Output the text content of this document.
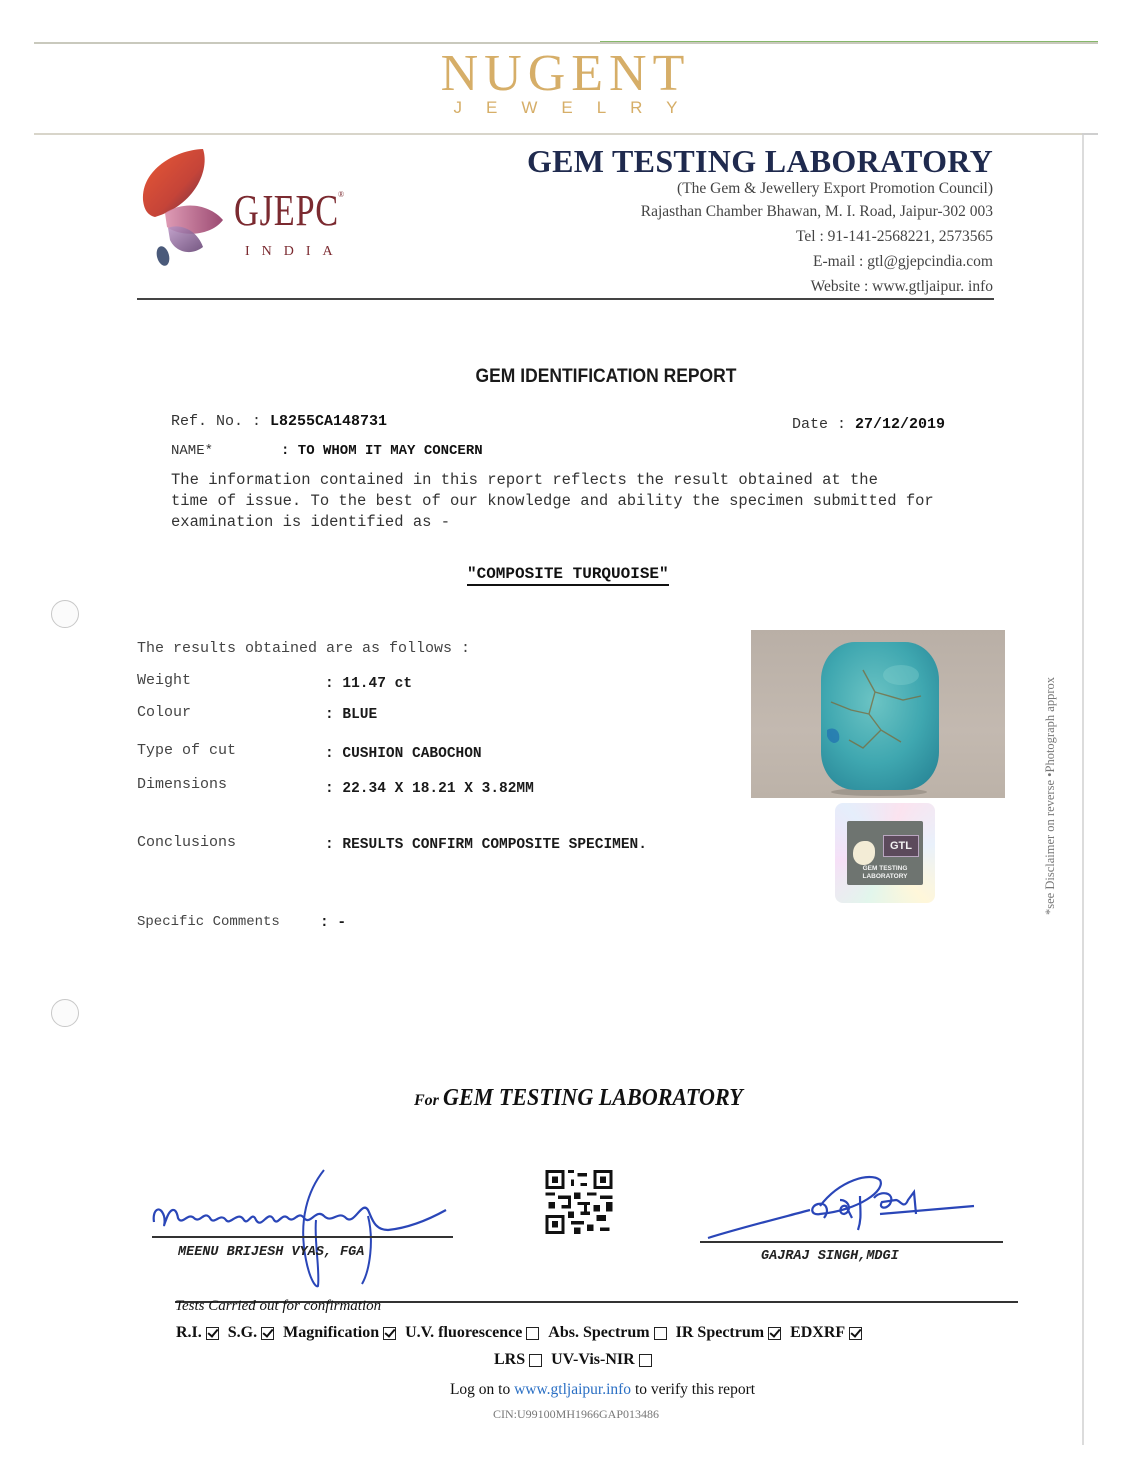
NUGENT
JEWELRY
GJEPC ®
INDIA
GEM TESTING LABORATORY
(The Gem & Jewellery Export Promotion Council)
Rajasthan Chamber Bhawan, M. I. Road, Jaipur-302 003
Tel : 91-141-2568221, 2573565
E-mail : gtl@gjepcindia.com
Website : www.gtljaipur. info
GEM IDENTIFICATION REPORT
Ref. No. : L8255CA148731	Date : 27/12/2019
NAME*	: TO WHOM IT MAY CONCERN
The information contained in this report reflects the result obtained at the
time of issue. To the best of our knowledge and ability the specimen submitted for
examination is identified as -
"COMPOSITE TURQUOISE"
The results obtained are as follows :
Weight	: 11.47 ct
Colour	: BLUE
Type of cut	: CUSHION CABOCHON
Dimensions	: 22.34 X 18.21 X 3.82MM
Conclusions	: RESULTS CONFIRM COMPOSITE SPECIMEN.
Specific Comments	: -
GTL
GEM TESTING LABORATORY	*see Disclaimer on reverse •Photograph approx
For GEM TESTING LABORATORY
MEENU BRIJESH VYAS, FGA	GAJRAJ SINGH,MDGI
Tests Carried out for confirmation
R.I. S.G. Magnification U.V. fluorescence Abs. Spectrum IR Spectrum EDXRF
LRS UV-Vis-NIR
Log on to www.gtljaipur.info to verify this report
CIN:U99100MH1966GAP013486
